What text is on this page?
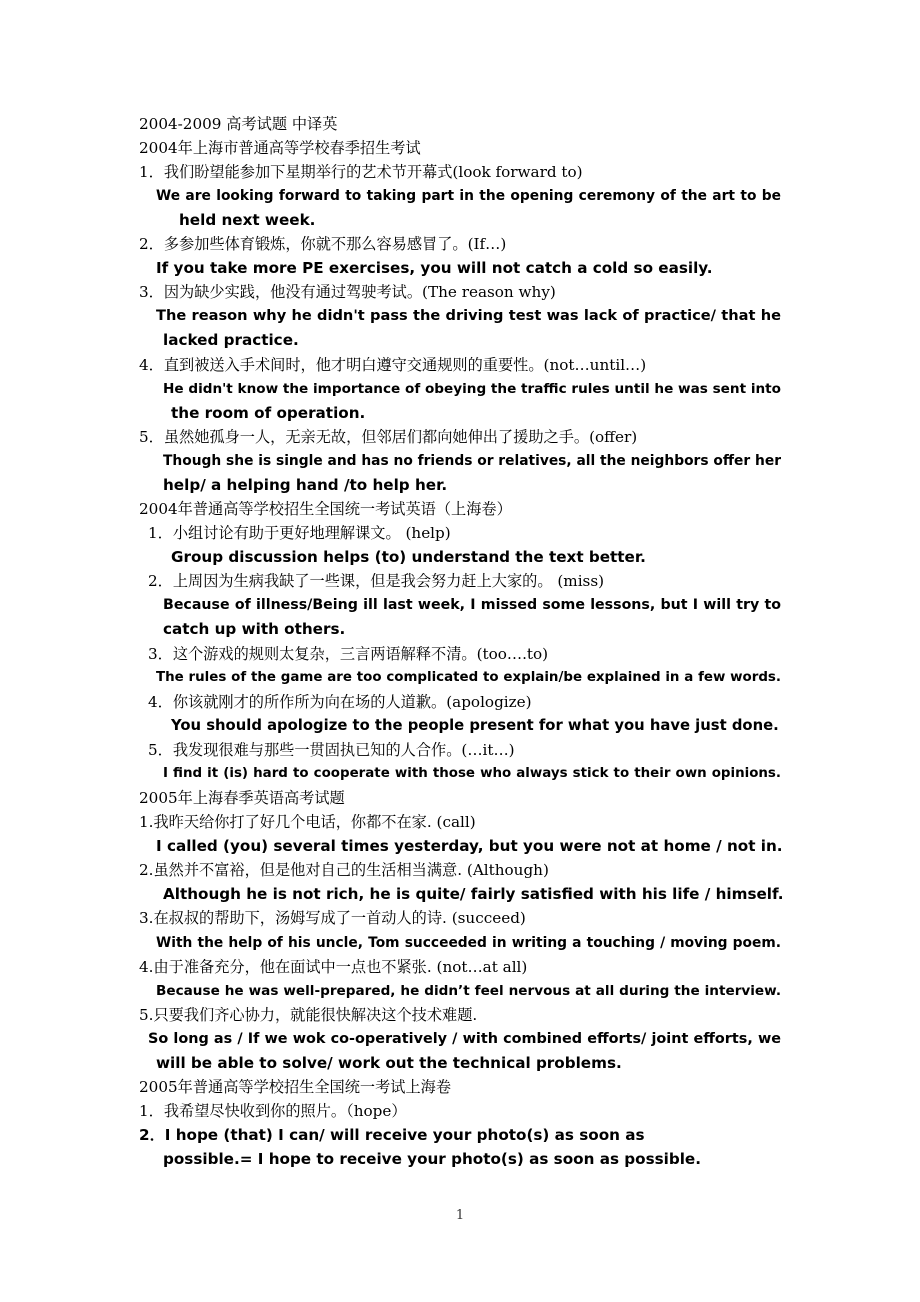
2004-2009 高考试题 中译英
2004年上海市普通高等学校春季招生考试
1．我们盼望能参加下星期举行的艺术节开幕式(look forward to)
We are looking forward to taking part in the opening ceremony of the art to be
held next week.
2．多参加些体育锻炼，你就不那么容易感冒了。(If…)
If you take more PE exercises, you will not catch a cold so easily.
3．因为缺少实践，他没有通过驾驶考试。(The reason why)
The reason why he didn't pass the driving test was lack of practice/ that he
lacked practice.
4．直到被送入手术间时，他才明白遵守交通规则的重要性。(not…until…)
He didn't know the importance of obeying the traffic rules until he was sent into
the room of operation.
5．虽然她孤身一人，无亲无故，但邻居们都向她伸出了援助之手。(offer)
Though she is single and has no friends or relatives, all the neighbors offer her
help/ a helping hand /to help her.
2004年普通高等学校招生全国统一考试英语（上海卷）
1．小组讨论有助于更好地理解课文。 (help)
Group discussion helps (to) understand the text better.
2．上周因为生病我缺了一些课，但是我会努力赶上大家的。 (miss)
Because of illness/Being ill last week, I missed some lessons, but I will try to
catch up with others.
3．这个游戏的规则太复杂，三言两语解释不清。(too….to)
The rules of the game are too complicated to explain/be explained in a few words.
4．你该就刚才的所作所为向在场的人道歉。(apologize)
You should apologize to the people present for what you have just done.
5．我发现很难与那些一贯固执已知的人合作。(…it…)
I find it (is) hard to cooperate with those who always stick to their own opinions.
2005年上海春季英语高考试题
1.我昨天给你打了好几个电话，你都不在家. (call)
I called (you) several times yesterday, but you were not at home / not in.
2.虽然并不富裕，但是他对自己的生活相当满意. (Although)
Although he is not rich, he is quite/ fairly satisfied with his life / himself.
3.在叔叔的帮助下，汤姆写成了一首动人的诗. (succeed)
With the help of his uncle, Tom succeeded in writing a touching / moving poem.
4.由于准备充分，他在面试中一点也不紧张. (not…at all)
Because he was well-prepared, he didn’t feel nervous at all during the interview.
5.只要我们齐心协力，就能很快解决这个技术难题.
So long as / If we wok co-operatively / with combined efforts/ joint efforts, we
will be able to solve/ work out the technical problems.
2005年普通高等学校招生全国统一考试上海卷
1．我希望尽快收到你的照片。（hope）
2．I hope (that) I can/ will receive your photo(s) as soon as
possible.= I hope to receive your photo(s) as soon as possible.
1
